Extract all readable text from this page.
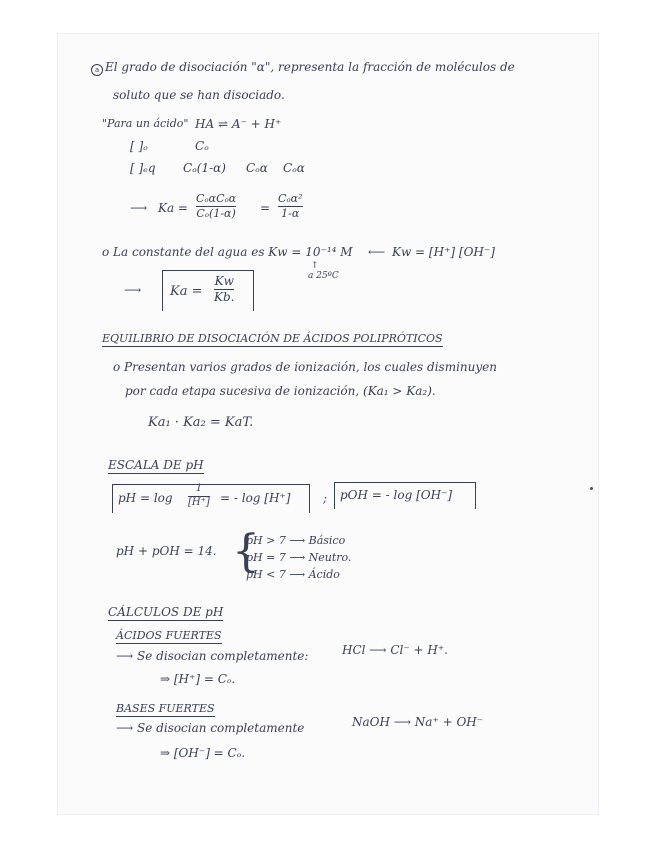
a El grado de disociación "α", representa la fracción de moléculos de
soluto que se han disociado.
"Para un ácido" HA ⇌ A⁻ + H⁺
[ ]ₒ	Cₒ
[ ]ₑq Cₒ(1-α) Cₒα Cₒα
⟶ Ka =
CₒαCₒα
Cₒ(1-α) =
Cₒα²
1-α
o La constante del agua es Kw = 10⁻¹⁴ M ⟵ Kw = [H⁺] [OH⁻]
↑
a 25ºC
⟶ Ka =
Kw
Kb.
EQUILIBRIO DE DISOCIACIÓN DE ÁCIDOS POLIPRÓTICOS
o Presentan varios grados de ionización, los cuales disminuyen
por cada etapa sucesiva de ionización, (Ka₁ > Ka₂).
Ka₁ · Ka₂ = KaT.
ESCALA DE pH
pH = log
1
[H⁺] = - log [H⁺]	; pOH = - log [OH⁻]
pH + pOH = 14. {
pH > 7 ⟶ Básico
pH = 7 ⟶ Neutro.
pH < 7 ⟶ Ácido
CÁLCULOS DE pH
ÁCIDOS FUERTES
⟶ Se disocian completamente:	HCl ⟶ Cl⁻ + H⁺.
⇒ [H⁺] = Cₒ.
BASES FUERTES
⟶ Se disocian completamente	NaOH ⟶ Na⁺ + OH⁻
⇒ [OH⁻] = Cₒ.
